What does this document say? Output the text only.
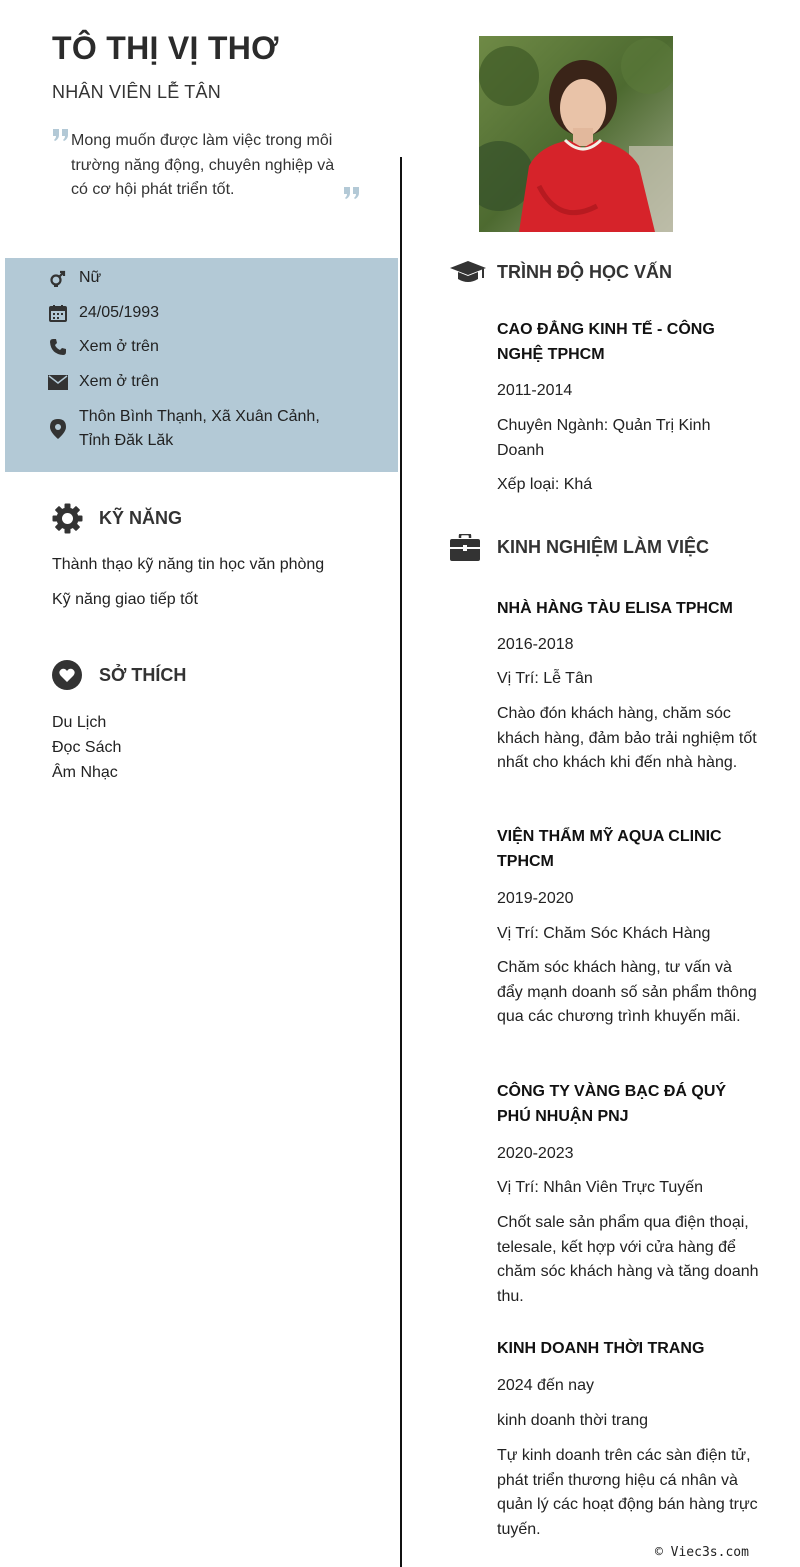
TÔ THỊ VỊ THƠ
NHÂN VIÊN LỄ TÂN
Mong muốn được làm việc trong môi trường năng động, chuyên nghiệp và có cơ hội phát triển tốt.
Nữ
24/05/1993
Xem ở trên
Xem ở trên
Thôn Bình Thạnh, Xã Xuân Cảnh, Tỉnh Đăk Lăk
KỸ NĂNG
Thành thạo kỹ năng tin học văn phòng
Kỹ năng giao tiếp tốt
SỞ THÍCH
Du Lịch
Đọc Sách
Âm Nhạc
TRÌNH ĐỘ HỌC VẤN
CAO ĐẲNG KINH TẾ - CÔNG NGHỆ TPHCM
2011-2014
Chuyên Ngành: Quản Trị Kinh Doanh
Xếp loại: Khá
KINH NGHIỆM LÀM VIỆC
NHÀ HÀNG TÀU ELISA TPHCM
2016-2018
Vị Trí: Lễ Tân
Chào đón khách hàng, chăm sóc khách hàng, đảm bảo trải nghiệm tốt nhất cho khách khi đến nhà hàng.
VIỆN THẨM MỸ AQUA CLINIC TPHCM
2019-2020
Vị Trí: Chăm Sóc Khách Hàng
Chăm sóc khách hàng, tư vấn và đẩy mạnh doanh số sản phẩm thông qua các chương trình khuyến mãi.
CÔNG TY VÀNG BẠC ĐÁ QUÝ PHÚ NHUẬN PNJ
2020-2023
Vị Trí: Nhân Viên Trực Tuyến
Chốt sale sản phẩm qua điện thoại, telesale, kết hợp với cửa hàng để chăm sóc khách hàng và tăng doanh thu.
KINH DOANH THỜI TRANG
2024 đến nay
kinh doanh thời trang
Tự kinh doanh trên các sàn điện tử, phát triển thương hiệu cá nhân và quản lý các hoạt động bán hàng trực tuyến.
© Viec3s.com
